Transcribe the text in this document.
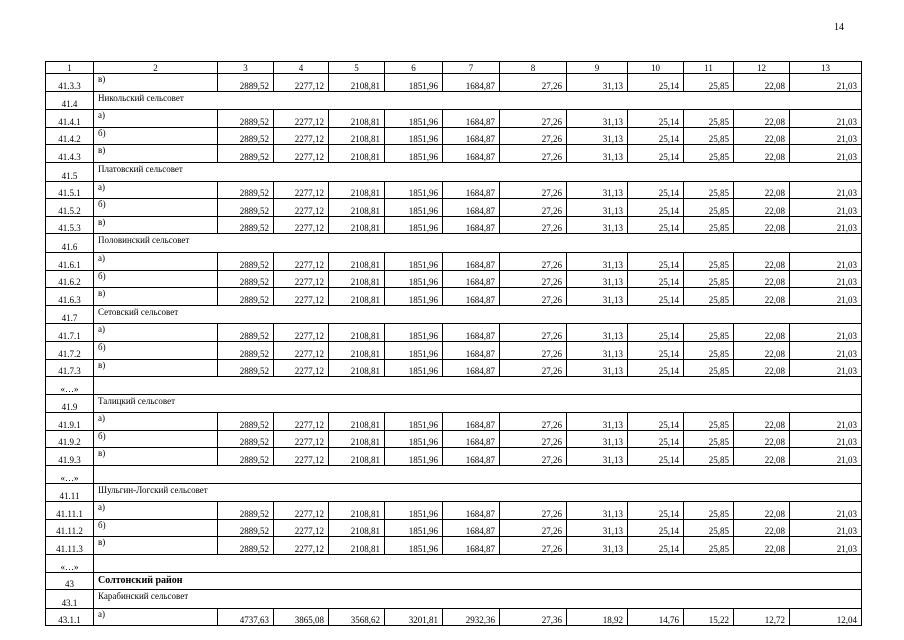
14
1	2	3	4	5	6	7	8	9	10	11	12	13
41.3.3	в)	2889,52	2277,12	2108,81	1851,96	1684,87	27,26	31,13	25,14	25,85	22,08	21,03
41.4	Никольский сельсовет											
41.4.1	а)	2889,52	2277,12	2108,81	1851,96	1684,87	27,26	31,13	25,14	25,85	22,08	21,03
41.4.2	б)	2889,52	2277,12	2108,81	1851,96	1684,87	27,26	31,13	25,14	25,85	22,08	21,03
41.4.3	в)	2889,52	2277,12	2108,81	1851,96	1684,87	27,26	31,13	25,14	25,85	22,08	21,03
41.5	Платовский сельсовет											
41.5.1	а)	2889,52	2277,12	2108,81	1851,96	1684,87	27,26	31,13	25,14	25,85	22,08	21,03
41.5.2	б)	2889,52	2277,12	2108,81	1851,96	1684,87	27,26	31,13	25,14	25,85	22,08	21,03
41.5.3	в)	2889,52	2277,12	2108,81	1851,96	1684,87	27,26	31,13	25,14	25,85	22,08	21,03
41.6	Половинский сельсовет											
41.6.1	а)	2889,52	2277,12	2108,81	1851,96	1684,87	27,26	31,13	25,14	25,85	22,08	21,03
41.6.2	б)	2889,52	2277,12	2108,81	1851,96	1684,87	27,26	31,13	25,14	25,85	22,08	21,03
41.6.3	в)	2889,52	2277,12	2108,81	1851,96	1684,87	27,26	31,13	25,14	25,85	22,08	21,03
41.7	Сетовский сельсовет											
41.7.1	а)	2889,52	2277,12	2108,81	1851,96	1684,87	27,26	31,13	25,14	25,85	22,08	21,03
41.7.2	б)	2889,52	2277,12	2108,81	1851,96	1684,87	27,26	31,13	25,14	25,85	22,08	21,03
41.7.3	в)	2889,52	2277,12	2108,81	1851,96	1684,87	27,26	31,13	25,14	25,85	22,08	21,03
«…»												
41.9	Талицкий сельсовет											
41.9.1	а)	2889,52	2277,12	2108,81	1851,96	1684,87	27,26	31,13	25,14	25,85	22,08	21,03
41.9.2	б)	2889,52	2277,12	2108,81	1851,96	1684,87	27,26	31,13	25,14	25,85	22,08	21,03
41.9.3	в)	2889,52	2277,12	2108,81	1851,96	1684,87	27,26	31,13	25,14	25,85	22,08	21,03
«…»												
41.11	Шульгин-Логский сельсовет											
41.11.1	а)	2889,52	2277,12	2108,81	1851,96	1684,87	27,26	31,13	25,14	25,85	22,08	21,03
41.11.2	б)	2889,52	2277,12	2108,81	1851,96	1684,87	27,26	31,13	25,14	25,85	22,08	21,03
41.11.3	в)	2889,52	2277,12	2108,81	1851,96	1684,87	27,26	31,13	25,14	25,85	22,08	21,03
«…»												
43	Солтонский район											
43.1	Карабинский сельсовет											
43.1.1	а)	4737,63	3865,08	3568,62	3201,81	2932,36	27,36	18,92	14,76	15,22	12,72	12,04
